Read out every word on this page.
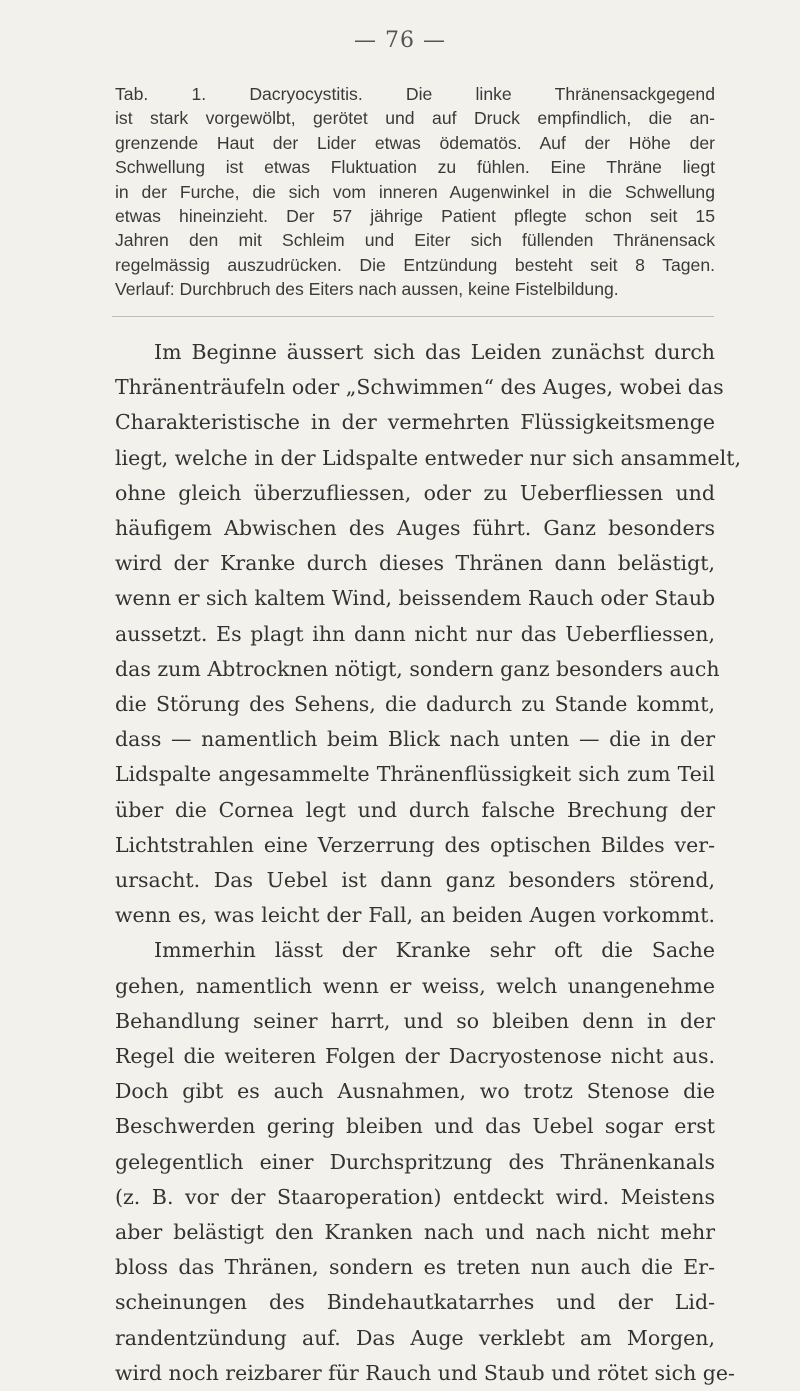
— 76 —
Tab. 1. Dacryocystitis. Die linke Thränensackgegend
ist stark vorgewölbt, gerötet und auf Druck empfindlich, die an-
grenzende Haut der Lider etwas ödematös. Auf der Höhe der
Schwellung ist etwas Fluktuation zu fühlen. Eine Thräne liegt
in der Furche, die sich vom inneren Augenwinkel in die Schwellung
etwas hineinzieht. Der 57 jährige Patient pflegte schon seit 15
Jahren den mit Schleim und Eiter sich füllenden Thränensack
regelmässig auszudrücken. Die Entzündung besteht seit 8 Tagen.
Verlauf: Durchbruch des Eiters nach aussen, keine Fistelbildung.
Im Beginne äussert sich das Leiden zunächst durch
Thränenträufeln oder „Schwimmen“ des Auges, wobei das
Charakteristische in der vermehrten Flüssigkeitsmenge
liegt, welche in der Lidspalte entweder nur sich ansammelt,
ohne gleich überzufliessen, oder zu Ueberfliessen und
häufigem Abwischen des Auges führt. Ganz besonders
wird der Kranke durch dieses Thränen dann belästigt,
wenn er sich kaltem Wind, beissendem Rauch oder Staub
aussetzt. Es plagt ihn dann nicht nur das Ueberfliessen,
das zum Abtrocknen nötigt, sondern ganz besonders auch
die Störung des Sehens, die dadurch zu Stande kommt,
dass — namentlich beim Blick nach unten — die in der
Lidspalte angesammelte Thränenflüssigkeit sich zum Teil
über die Cornea legt und durch falsche Brechung der
Lichtstrahlen eine Verzerrung des optischen Bildes ver-
ursacht. Das Uebel ist dann ganz besonders störend,
wenn es, was leicht der Fall, an beiden Augen vorkommt.
Immerhin lässt der Kranke sehr oft die Sache
gehen, namentlich wenn er weiss, welch unangenehme
Behandlung seiner harrt, und so bleiben denn in der
Regel die weiteren Folgen der Dacryostenose nicht aus.
Doch gibt es auch Ausnahmen, wo trotz Stenose die
Beschwerden gering bleiben und das Uebel sogar erst
gelegentlich einer Durchspritzung des Thränenkanals
(z. B. vor der Staaroperation) entdeckt wird. Meistens
aber belästigt den Kranken nach und nach nicht mehr
bloss das Thränen, sondern es treten nun auch die Er-
scheinungen des Bindehautkatarrhes und der Lid-
randentzündung auf. Das Auge verklebt am Morgen,
wird noch reizbarer für Rauch und Staub und rötet sich ge-
